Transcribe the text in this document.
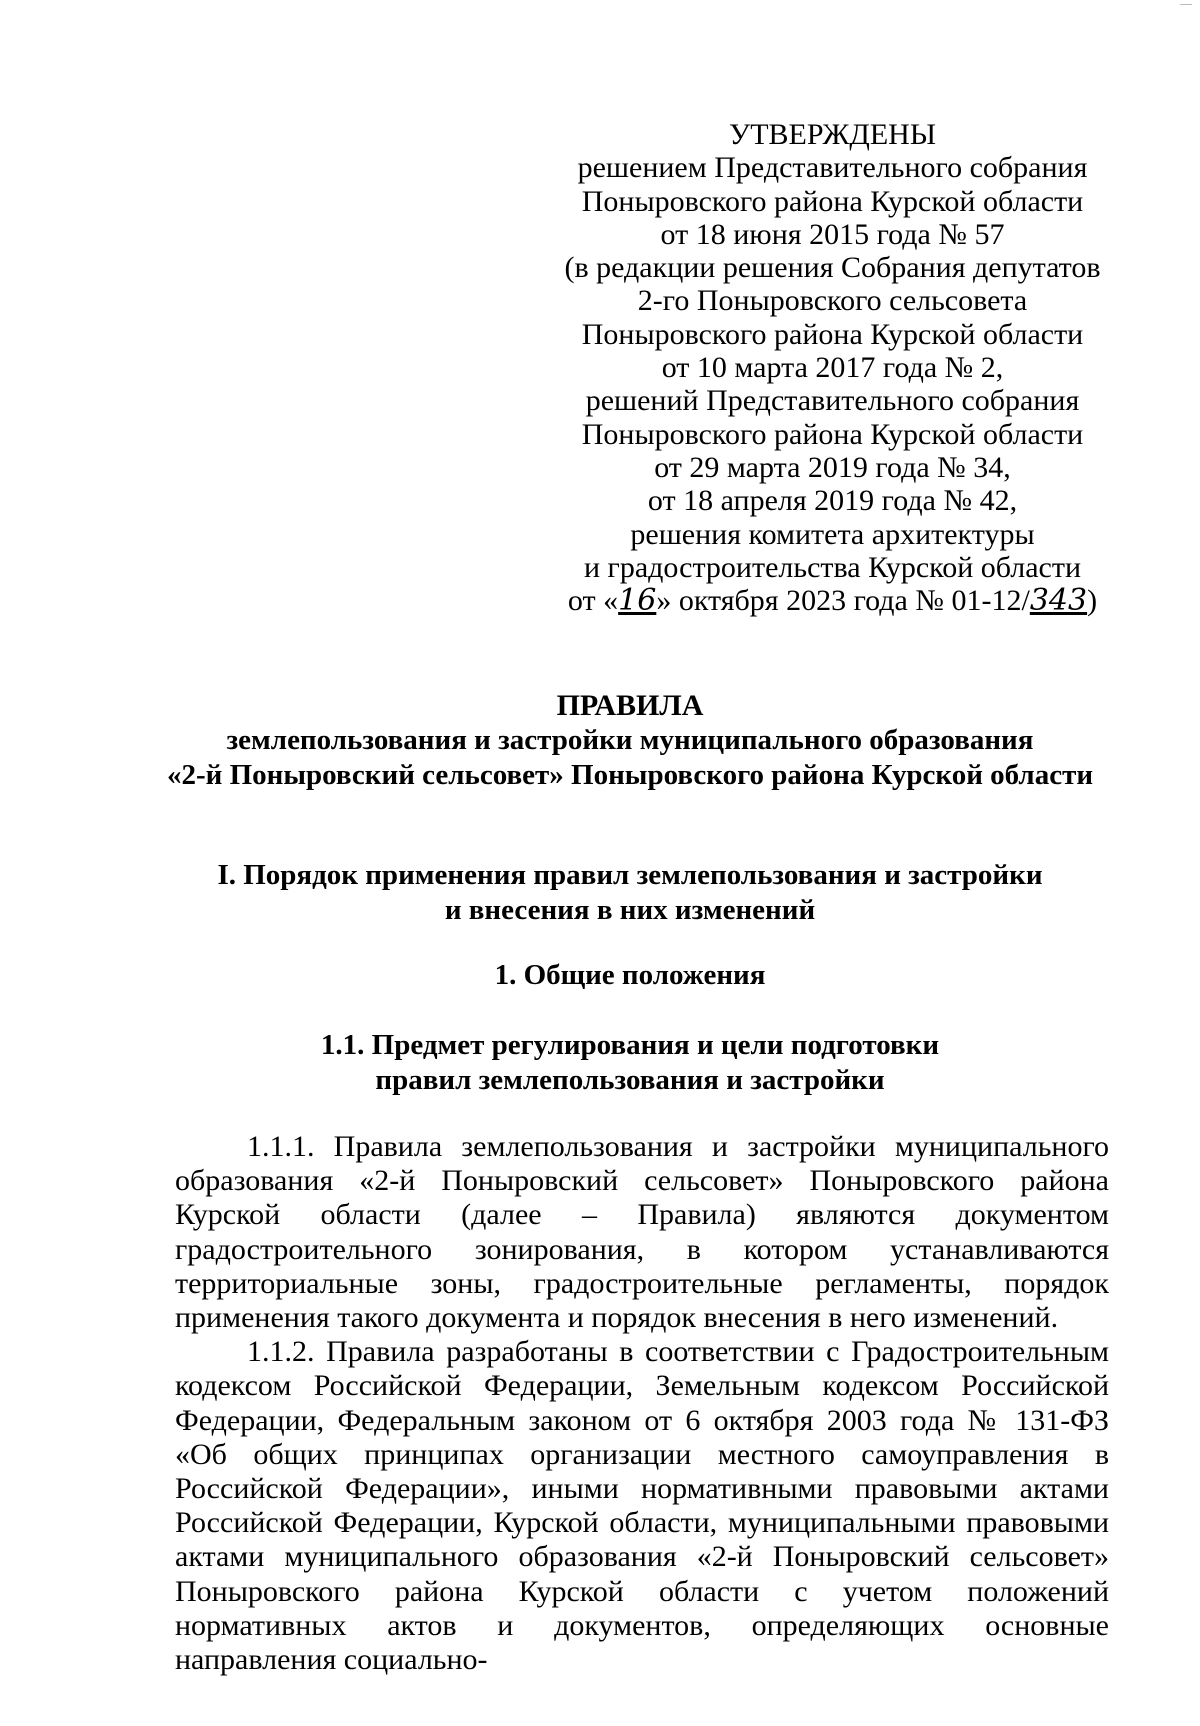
УТВЕРЖДЕНЫ
решением Представительного собрания
Поныровского района Курской области
от 18 июня 2015 года № 57
(в редакции решения Собрания депутатов
2-го Поныровского сельсовета
Поныровского района Курской области
от 10 марта 2017 года № 2,
решений Представительного собрания
Поныровского района Курской области
от 29 марта 2019 года № 34,
от 18 апреля 2019 года № 42,
решения комитета архитектуры
и градостроительства Курской области
от «16» октября 2023 года № 01-12/343)
ПРАВИЛА
землепользования и застройки муниципального образования
«2-й Поныровский сельсовет» Поныровского района Курской области
I. Порядок применения правил землепользования и застройки
и внесения в них изменений
1. Общие положения
1.1. Предмет регулирования и цели подготовки
правил землепользования и застройки

1.1.1. Правила землепользования и застройки муниципального образования «2-й Поныровский сельсовет» Поныровского района Курской области (далее – Правила) являются документом градостроительного зонирования, в котором устанавливаются территориальные зоны, градостроительные регламенты, порядок применения такого документа и порядок внесения в него изменений.

1.1.2. Правила разработаны в соответствии с Градостроительным кодексом Российской Федерации, Земельным кодексом Российской Федерации, Федеральным законом от 6 октября 2003 года № 131-ФЗ «Об общих принципах организации местного самоуправления в Российской Федерации», иными нормативными правовыми актами Российской Федерации, Курской области, муниципальными правовыми актами муниципального образования «2-й Поныровский сельсовет» Поныровского района Курской области с учетом положений нормативных актов и документов, определяющих основные направления социально-
